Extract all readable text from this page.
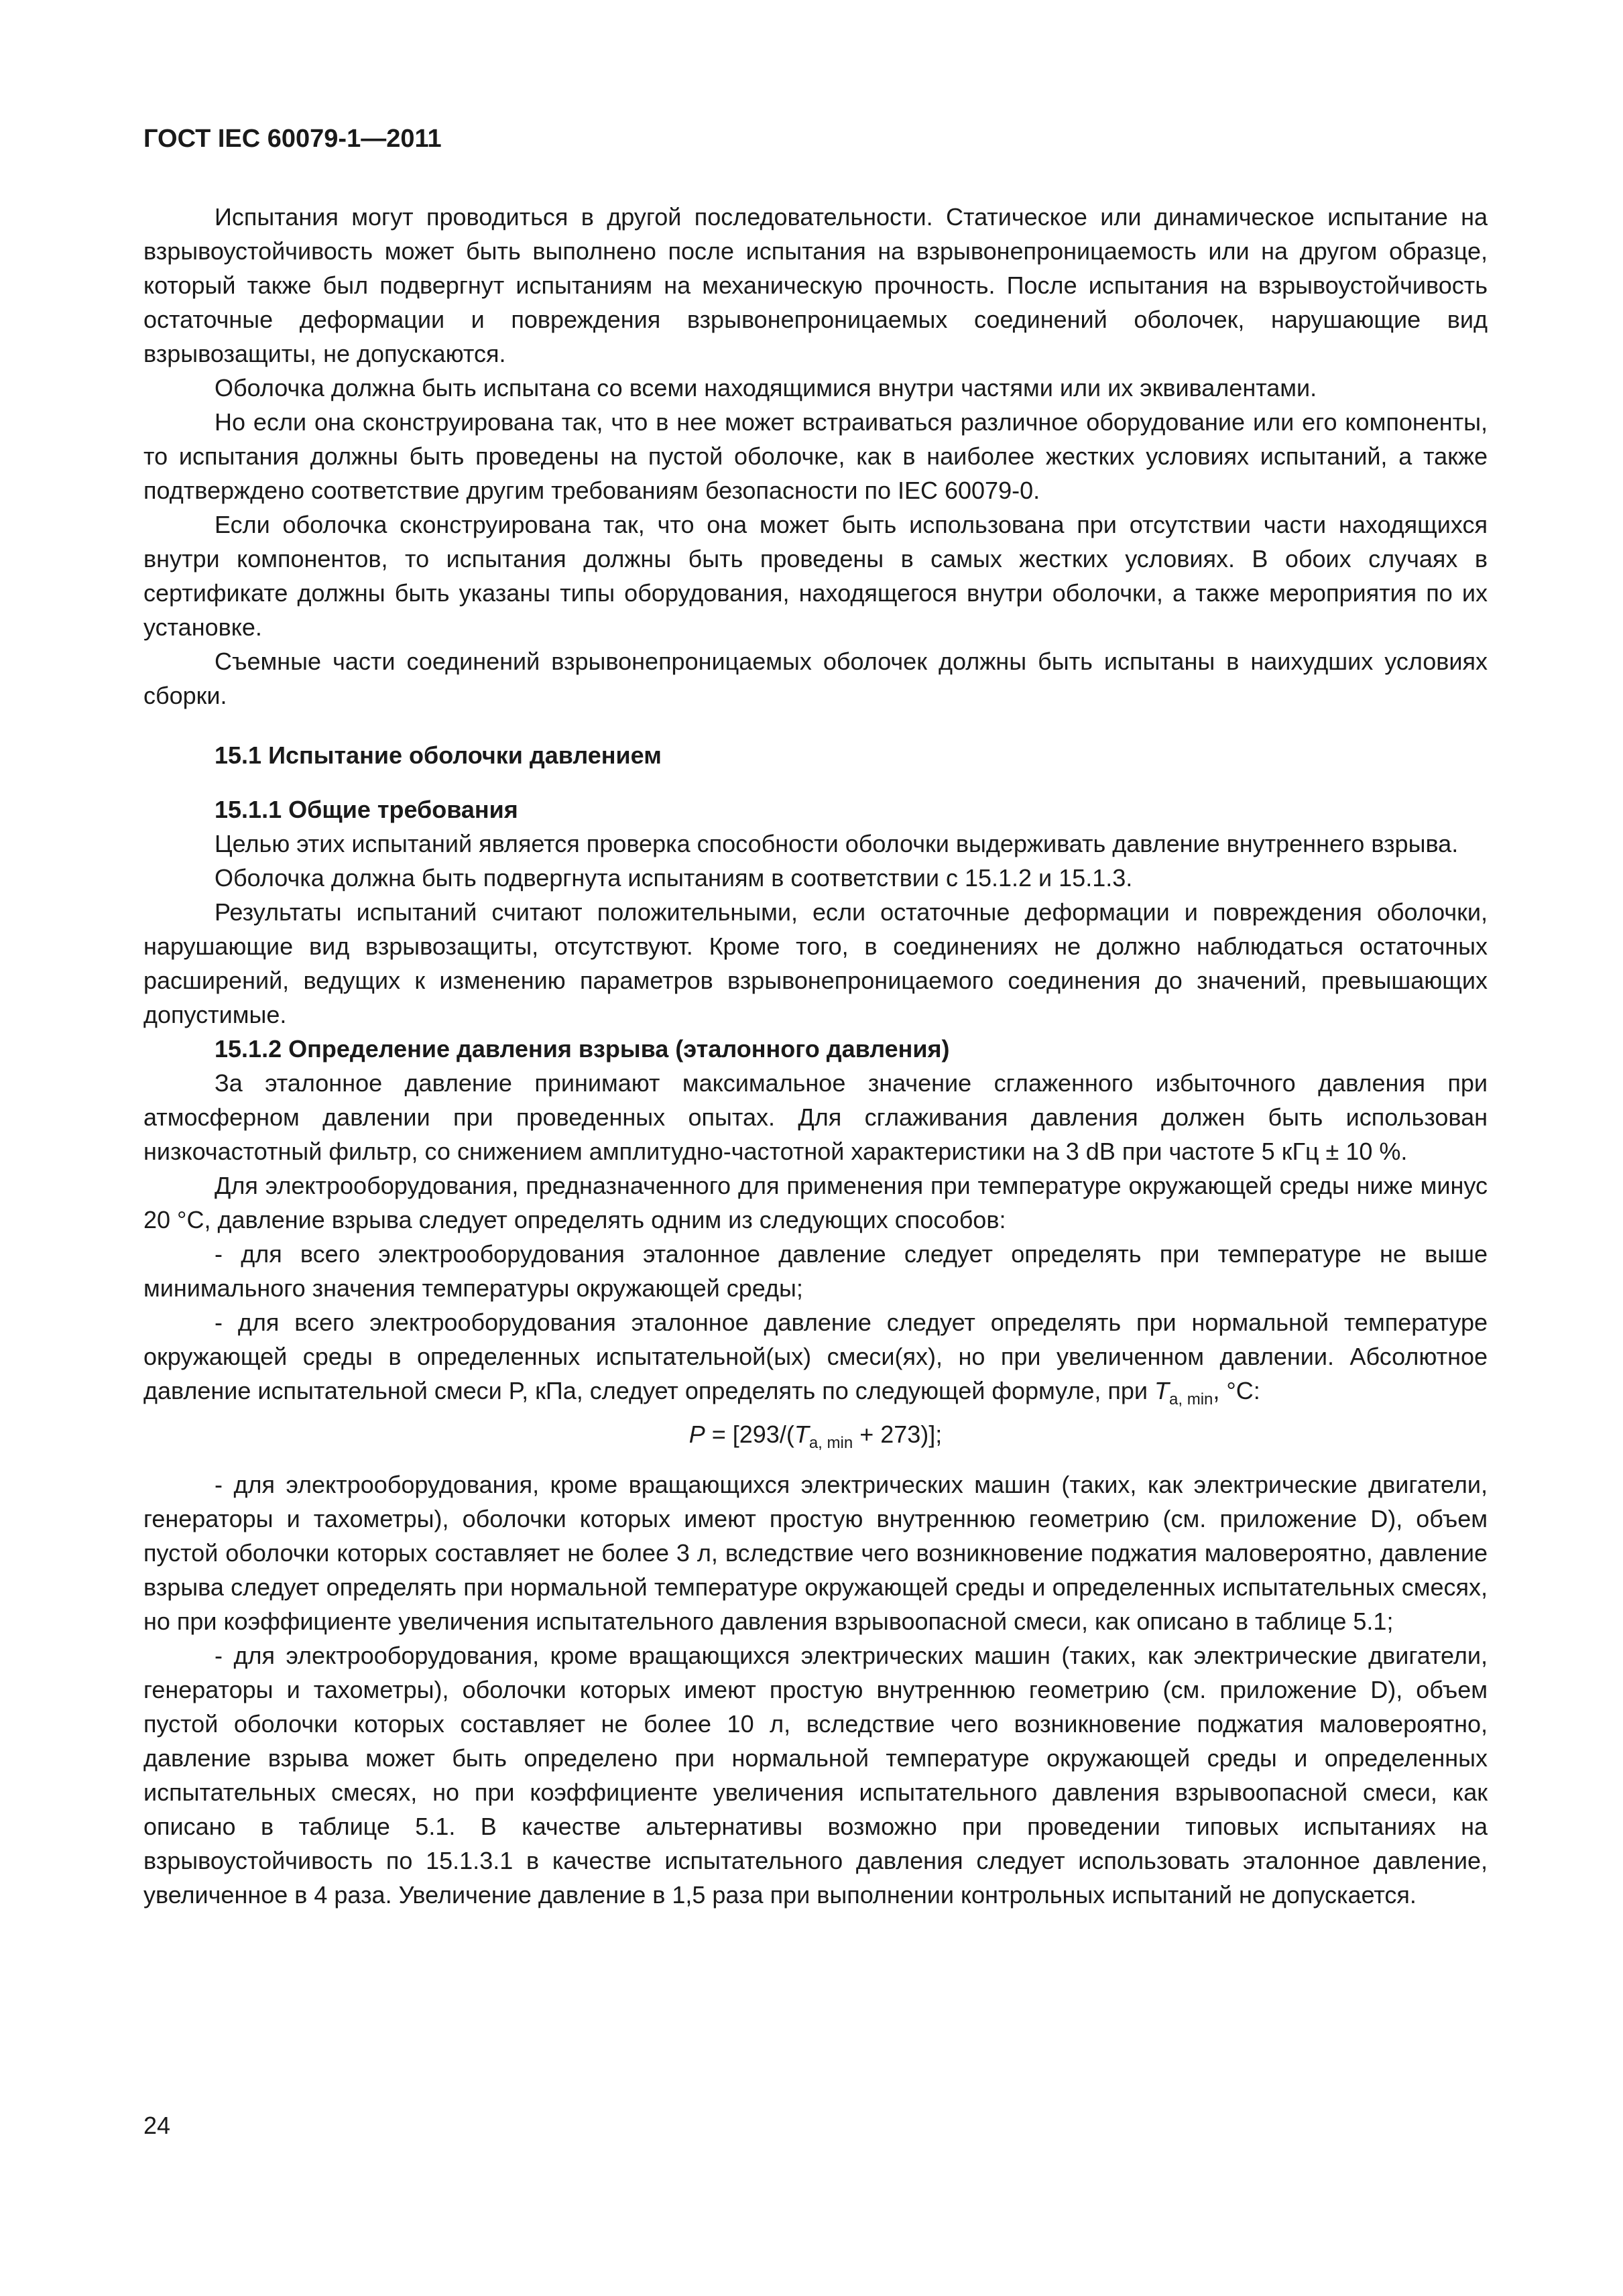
ГОСТ IEC 60079-1—2011

Испытания могут проводиться в другой последовательности. Статическое или динамическое испытание на взрывоустойчивость может быть выполнено после испытания на взрывонепроницаемость или на другом образце, который также был подвергнут испытаниям на механическую прочность. После испытания на взрывоустойчивость остаточные деформации и повреждения взрывонепроницаемых соединений оболочек, нарушающие вид взрывозащиты, не допускаются.

Оболочка должна быть испытана со всеми находящимися внутри частями или их эквивалентами.

Но если она сконструирована так, что в нее может встраиваться различное оборудование или его компоненты, то испытания должны быть проведены на пустой оболочке, как в наиболее жестких условиях испытаний, а также подтверждено соответствие другим требованиям безопасности по IEC 60079-0.

Если оболочка сконструирована так, что она может быть использована при отсутствии части находящихся внутри компонентов, то испытания должны быть проведены в самых жестких условиях. В обоих случаях в сертификате должны быть указаны типы оборудования, находящегося внутри оболочки, а также мероприятия по их установке.

Съемные части соединений взрывонепроницаемых оболочек должны быть испытаны в наихудших условиях сборки.

15.1 Испытание оболочки давлением
15.1.1 Общие требования

Целью этих испытаний является проверка способности оболочки выдерживать давление внутреннего взрыва.

Оболочка должна быть подвергнута испытаниям в соответствии с 15.1.2 и 15.1.3.

Результаты испытаний считают положительными, если остаточные деформации и повреждения оболочки, нарушающие вид взрывозащиты, отсутствуют. Кроме того, в соединениях не должно наблюдаться остаточных расширений, ведущих к изменению параметров взрывонепроницаемого соединения до значений, превышающих допустимые.

15.1.2 Определение давления взрыва (эталонного давления)

За эталонное давление принимают максимальное значение сглаженного избыточного давления при атмосферном давлении при проведенных опытах. Для сглаживания давления должен быть использован низкочастотный фильтр, со снижением амплитудно-частотной характеристики на 3 dB при частоте 5 кГц ± 10 %.

Для электрооборудования, предназначенного для применения при температуре окружающей среды ниже минус 20 °C, давление взрыва следует определять одним из следующих способов:

- для всего электрооборудования эталонное давление следует определять при температуре не выше минимального значения температуры окружающей среды;

- для всего электрооборудования эталонное давление следует определять при нормальной температуре окружающей среды в определенных испытательной(ых) смеси(ях), но при увеличенном давлении. Абсолютное давление испытательной смеси P, кПа, следует определять по следующей формуле, при $T_{a, min}$, °C:

$P = [293/(T_{a, min} + 273)]$;

- для электрооборудования, кроме вращающихся электрических машин (таких, как электрические двигатели, генераторы и тахометры), оболочки которых имеют простую внутреннюю геометрию (см. приложение D), объем пустой оболочки которых составляет не более 3 л, вследствие чего возникновение поджатия маловероятно, давление взрыва следует определять при нормальной температуре окружающей среды и определенных испытательных смесях, но при коэффициенте увеличения испытательного давления взрывоопасной смеси, как описано в таблице 5.1;

- для электрооборудования, кроме вращающихся электрических машин (таких, как электрические двигатели, генераторы и тахометры), оболочки которых имеют простую внутреннюю геометрию (см. приложение D), объем пустой оболочки которых составляет не более 10 л, вследствие чего возникновение поджатия маловероятно, давление взрыва может быть определено при нормальной температуре окружающей среды и определенных испытательных смесях, но при коэффициенте увеличения испытательного давления взрывоопасной смеси, как описано в таблице 5.1. В качестве альтернативы возможно при проведении типовых испытаниях на взрывоустойчивость по 15.1.3.1 в качестве испытательного давления следует использовать эталонное давление, увеличенное в 4 раза. Увеличение давление в 1,5 раза при выполнении контрольных испытаний не допускается.

24
